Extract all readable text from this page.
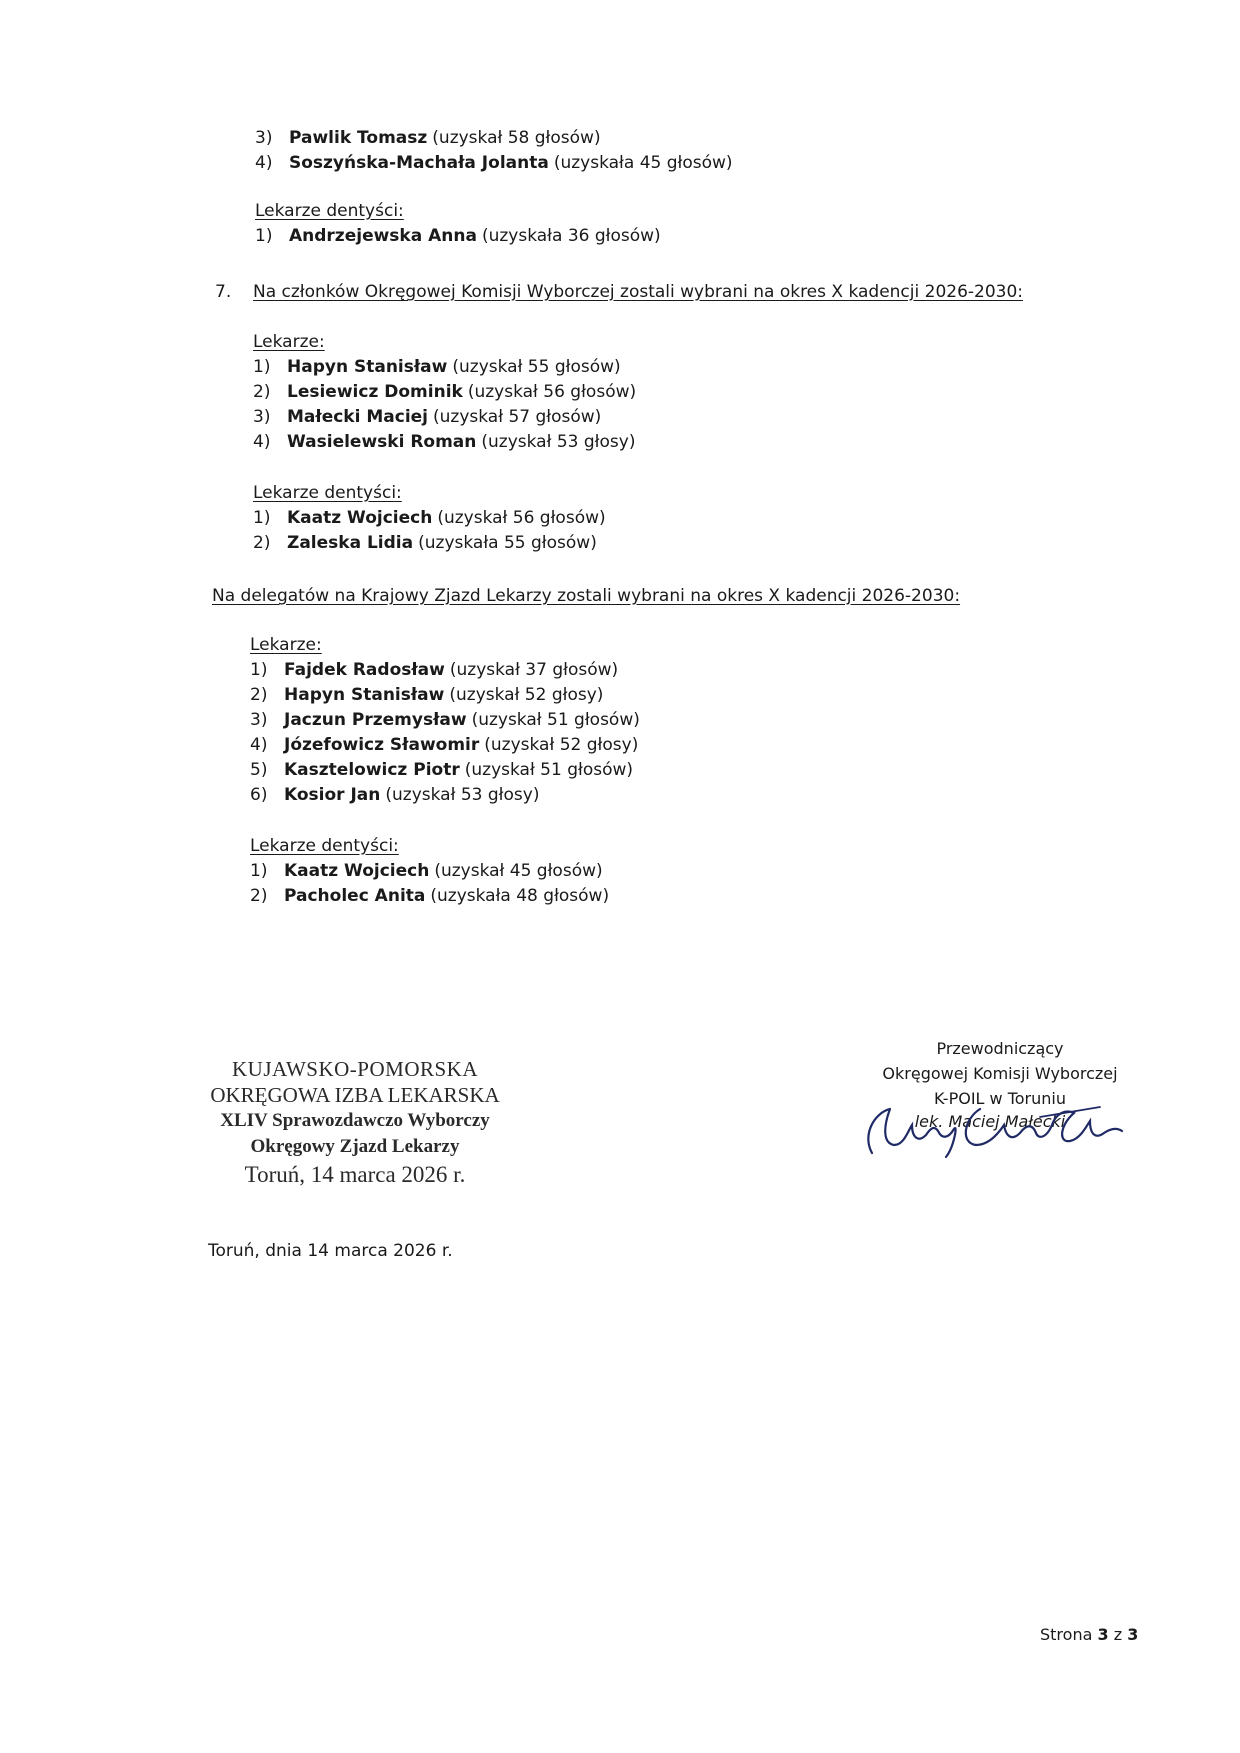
3) Pawlik Tomasz (uzyskał 58 głosów)
4) Soszyńska-Machała Jolanta (uzyskała 45 głosów)
Lekarze dentyści:
1) Andrzejewska Anna (uzyskała 36 głosów)
7. Na członków Okręgowej Komisji Wyborczej zostali wybrani na okres X kadencji 2026-2030:
Lekarze:
1) Hapyn Stanisław (uzyskał 55 głosów)
2) Lesiewicz Dominik (uzyskał 56 głosów)
3) Małecki Maciej (uzyskał 57 głosów)
4) Wasielewski Roman (uzyskał 53 głosy)
Lekarze dentyści:
1) Kaatz Wojciech (uzyskał 56 głosów)
2) Zaleska Lidia (uzyskała 55 głosów)
Na delegatów na Krajowy Zjazd Lekarzy zostali wybrani na okres X kadencji 2026-2030:
Lekarze:
1) Fajdek Radosław (uzyskał 37 głosów)
2) Hapyn Stanisław (uzyskał 52 głosy)
3) Jaczun Przemysław (uzyskał 51 głosów)
4) Józefowicz Sławomir (uzyskał 52 głosy)
5) Kasztelowicz Piotr (uzyskał 51 głosów)
6) Kosior Jan (uzyskał 53 głosy)
Lekarze dentyści:
1) Kaatz Wojciech (uzyskał 45 głosów)
2) Pacholec Anita (uzyskała 48 głosów)
KUJAWSKO-POMORSKA
OKRĘGOWA IZBA LEKARSKA
XLIV Sprawozdawczo Wyborczy
Okręgowy Zjazd Lekarzy
Toruń, 14 marca 2026 r.
Przewodniczący
Okręgowej Komisji Wyborczej
K-POIL w Toruniu
lek. Maciej Małecki
Toruń, dnia 14 marca 2026 r.
Strona 3 z 3
